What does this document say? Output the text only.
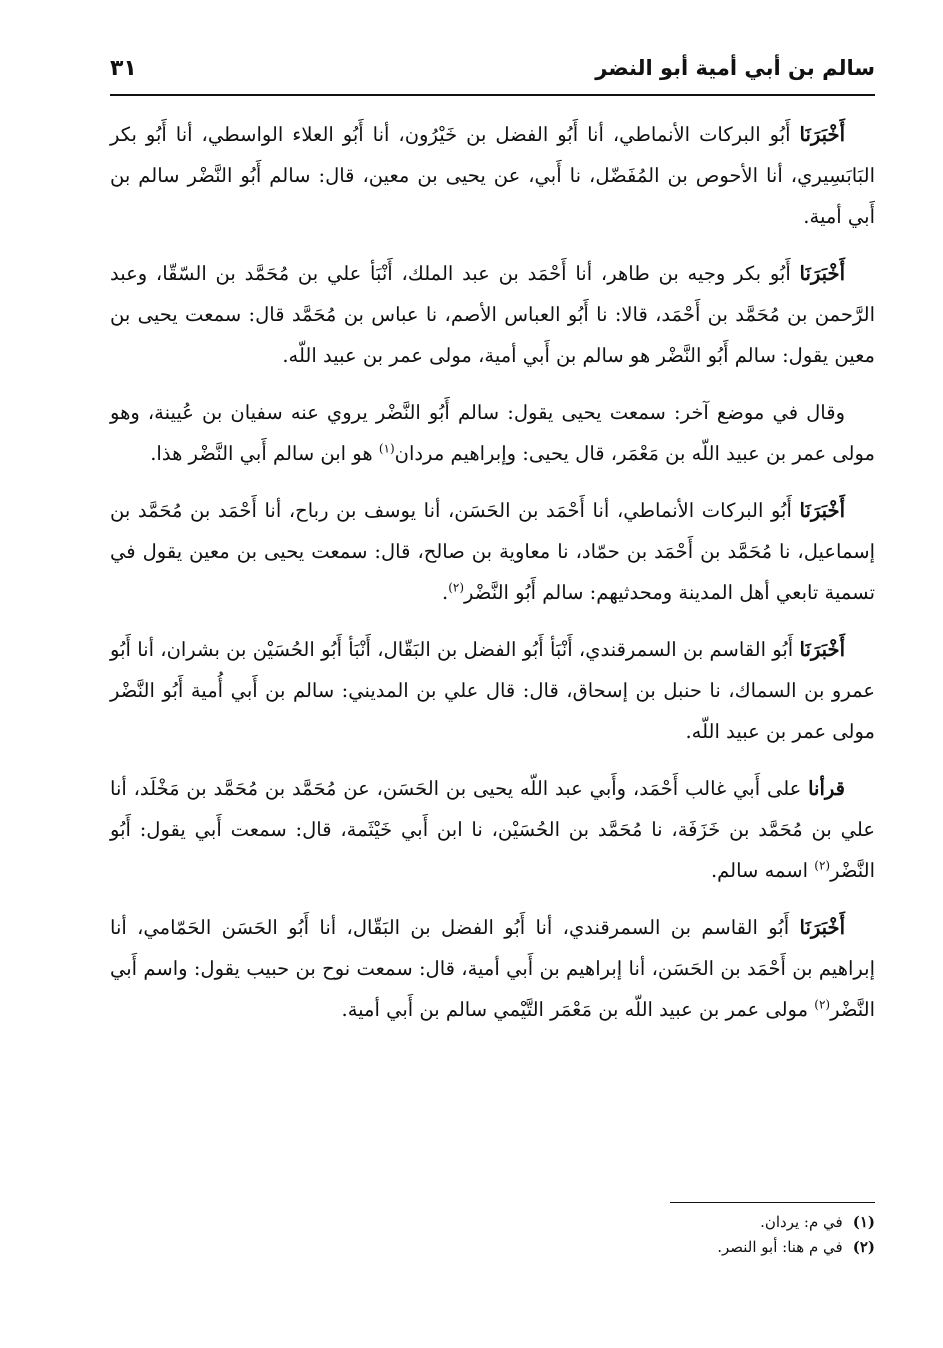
سالم بن أبي أمية أبو النضر
٣١

أَخْبَرَنَا أَبُو البركات الأنماطي، أنا أَبُو الفضل بن خَيْرُون، أنا أَبُو العلاء الواسطي، أنا أَبُو بكر البَابَسِيري، أنا الأحوص بن المُفَضّل، نا أَبي، عن يحيى بن معين، قال: سالم أَبُو النَّضْر سالم بن أَبي أمية.

أَخْبَرَنَا أَبُو بكر وجيه بن طاهر، أنا أَحْمَد بن عبد الملك، أَنْبَأ علي بن مُحَمَّد بن السّقّا، وعبد الرَّحمن بن مُحَمَّد بن أَحْمَد، قالا: نا أَبُو العباس الأصم، نا عباس بن مُحَمَّد قال: سمعت يحيى بن معين يقول: سالم أَبُو النَّضْر هو سالم بن أَبي أمية، مولى عمر بن عبيد اللّه.

وقال في موضع آخر: سمعت يحيى يقول: سالم أَبُو النَّضْر يروي عنه سفيان بن عُيينة، وهو مولى عمر بن عبيد اللّه بن مَعْمَر، قال يحيى: وإبراهيم مردان$^{(١)}$ هو ابن سالم أَبي النَّضْر هذا.

أَخْبَرَنَا أَبُو البركات الأنماطي، أنا أَحْمَد بن الحَسَن، أنا يوسف بن رباح، أنا أَحْمَد بن مُحَمَّد بن إسماعيل، نا مُحَمَّد بن أَحْمَد بن حمّاد، نا معاوية بن صالح، قال: سمعت يحيى بن معين يقول في تسمية تابعي أهل المدينة ومحدثيهم: سالم أَبُو النَّضْر$^{(٢)}$.

أَخْبَرَنَا أَبُو القاسم بن السمرقندي، أَنْبَأ أَبُو الفضل بن البَقّال، أَنْبَأ أَبُو الحُسَيْن بن بشران، أنا أَبُو عمرو بن السماك، نا حنبل بن إسحاق، قال: قال علي بن المديني: سالم بن أَبي أُمية أَبُو النَّضْر مولى عمر بن عبيد اللّه.

قرأنا على أَبي غالب أَحْمَد، وأَبي عبد اللّه يحيى بن الحَسَن، عن مُحَمَّد بن مُحَمَّد بن مَخْلَد، أنا علي بن مُحَمَّد بن خَزَفَة، نا مُحَمَّد بن الحُسَيْن، نا ابن أَبي خَيْثَمة، قال: سمعت أَبي يقول: أَبُو النَّضْر$^{(٢)}$ اسمه سالم.

أَخْبَرَنَا أَبُو القاسم بن السمرقندي، أنا أَبُو الفضل بن البَقّال، أنا أَبُو الحَسَن الحَمّامي، أنا إبراهيم بن أَحْمَد بن الحَسَن، أنا إبراهيم بن أَبي أمية، قال: سمعت نوح بن حبيب يقول: واسم أَبي النَّضْر$^{(٢)}$ مولى عمر بن عبيد اللّه بن مَعْمَر التَّيْمي سالم بن أَبي أمية.

(١)
في م: يردان.
(٢)
في م هنا: أبو النصر.
